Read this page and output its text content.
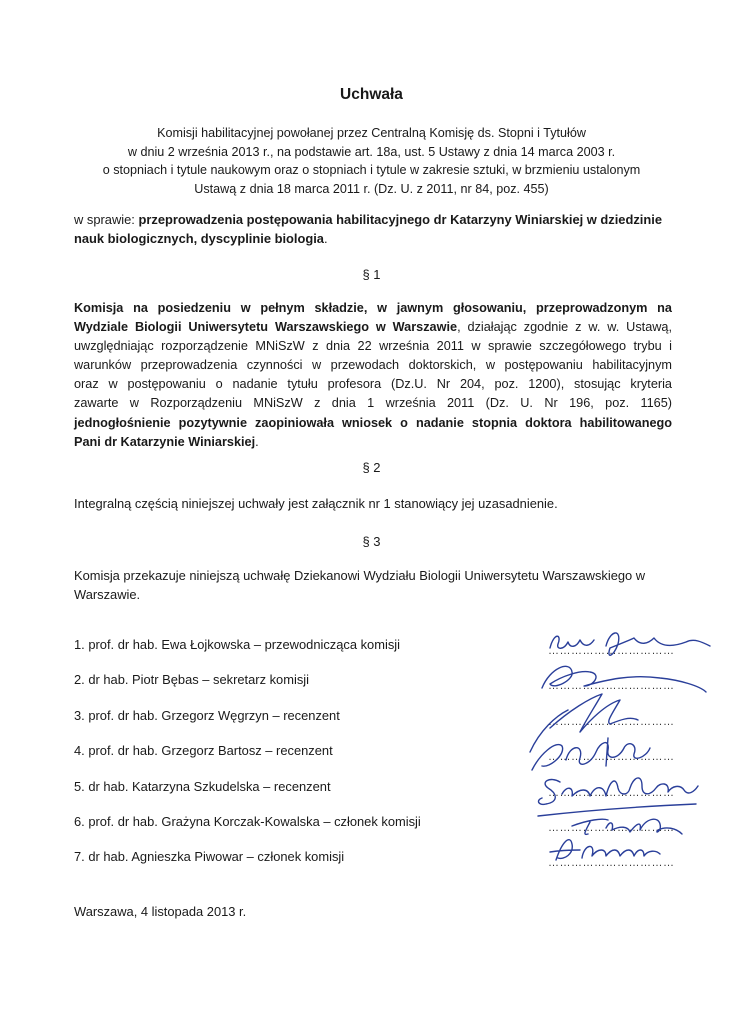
Uchwała
Komisji habilitacyjnej powołanej przez Centralną Komisję ds. Stopni i Tytułów
w dniu 2 września 2013 r., na podstawie art. 18a, ust. 5 Ustawy z dnia 14 marca 2003 r.
o stopniach i tytule naukowym oraz o stopniach i tytule w zakresie sztuki, w brzmieniu ustalonym
Ustawą z dnia 18 marca 2011 r. (Dz. U. z 2011, nr 84, poz. 455)
w sprawie: przeprowadzenia postępowania habilitacyjnego dr Katarzyny Winiarskiej w dziedzinie
nauk biologicznych, dyscyplinie biologia.
§ 1
Komisja na posiedzeniu w pełnym składzie, w jawnym głosowaniu, przeprowadzonym na
Wydziale Biologii Uniwersytetu Warszawskiego w Warszawie, działając zgodnie z w. w. Ustawą,
uwzględniając rozporządzenie MNiSzW z dnia 22 września 2011 w sprawie szczegółowego trybu i
warunków przeprowadzenia czynności w przewodach doktorskich, w postępowaniu habilitacyjnym
oraz w postępowaniu o nadanie tytułu profesora (Dz.U. Nr 204, poz. 1200), stosując kryteria
zawarte w Rozporządzeniu MNiSzW z dnia 1 września 2011 (Dz. U. Nr 196, poz. 1165)
jednogłośnienie pozytywnie zaopiniowała wniosek o nadanie stopnia doktora habilitowanego
Pani dr Katarzynie Winiarskiej.
§ 2
Integralną częścią niniejszej uchwały jest załącznik nr 1 stanowiący jej uzasadnienie.
§ 3
Komisja przekazuje niniejszą uchwałę Dziekanowi Wydziału Biologii Uniwersytetu Warszawskiego w
Warszawie.
1. prof. dr hab. Ewa Łojkowska – przewodnicząca komisji
2. dr hab. Piotr Bębas – sekretarz komisji
3. prof. dr hab. Grzegorz Węgrzyn – recenzent
4. prof. dr hab. Grzegorz Bartosz – recenzent
5. dr hab. Katarzyna Szkudelska – recenzent
6. prof. dr hab. Grażyna Korczak-Kowalska – członek komisji
7. dr hab. Agnieszka Piwowar – członek komisji
……………………………
……………………………
……………………………
……………………………
……………………………
……………………………
……………………………
Warszawa, 4 listopada 2013 r.
